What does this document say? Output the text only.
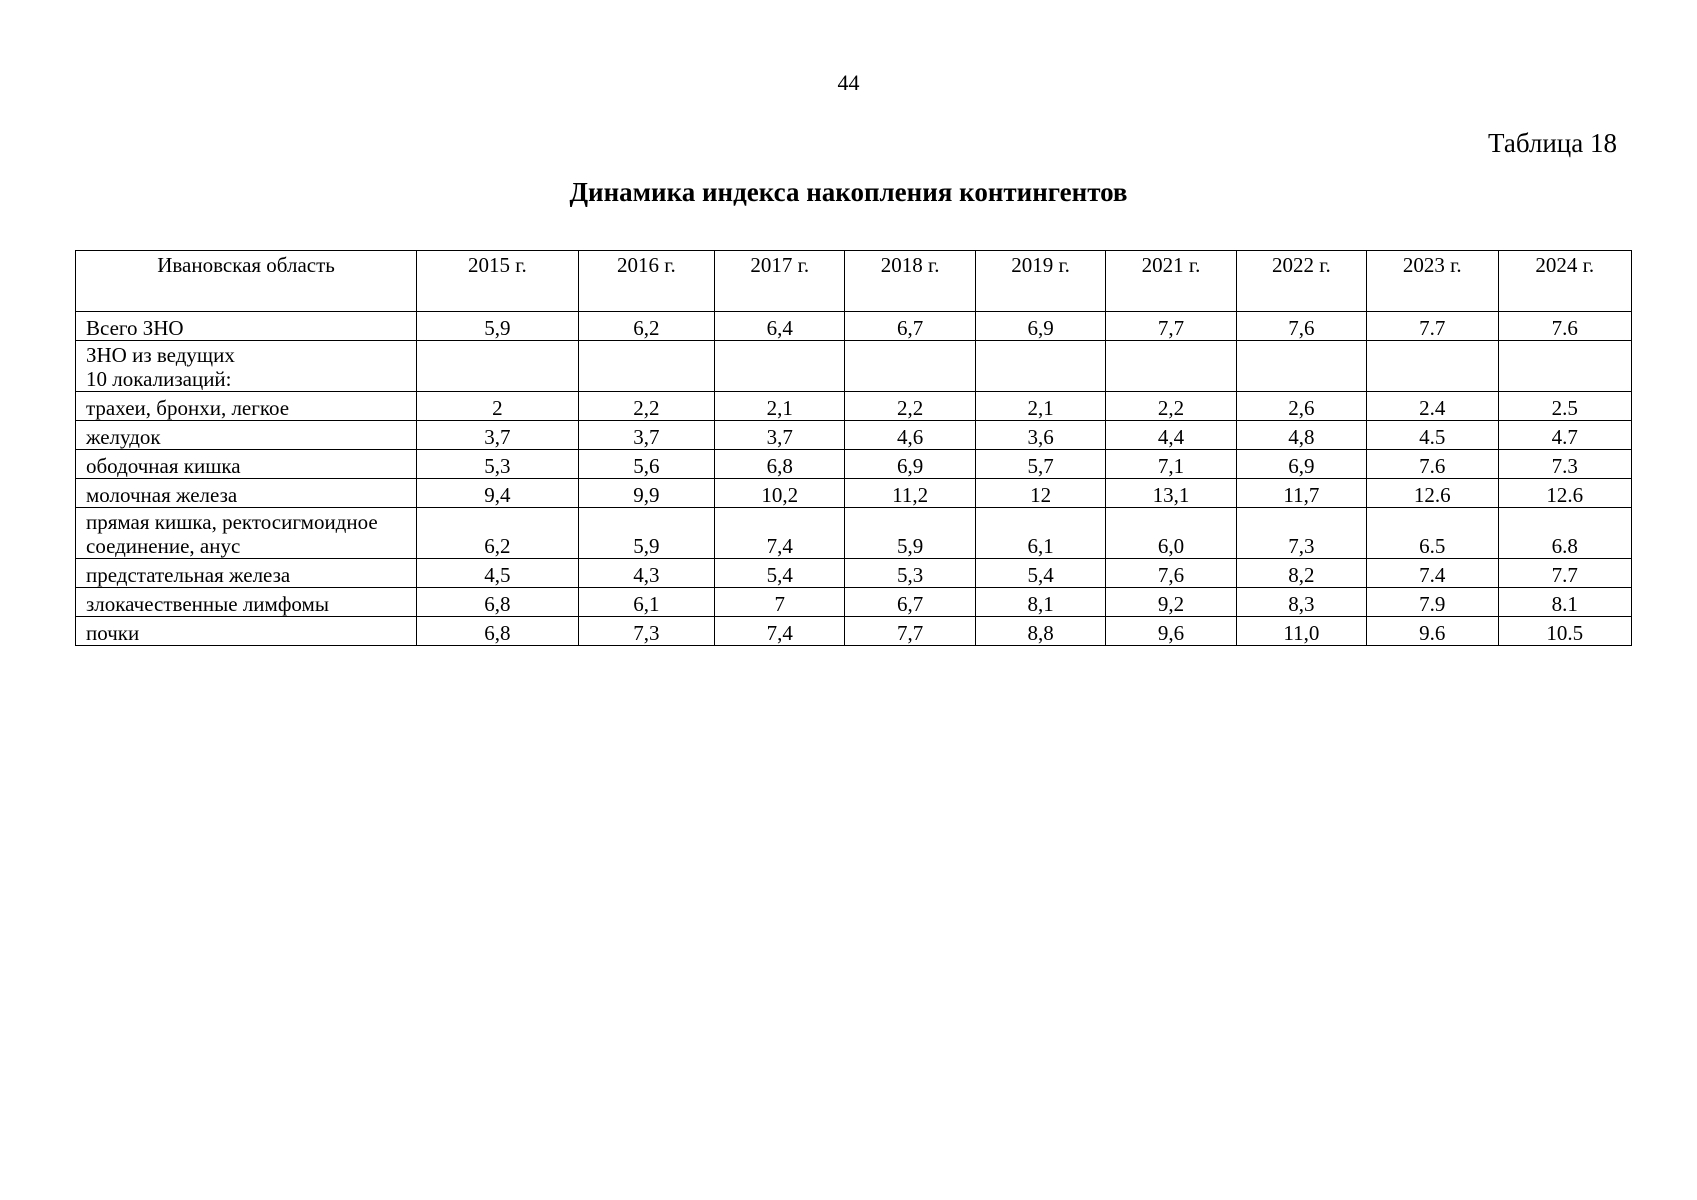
44
Таблица 18
Динамика индекса накопления контингентов
Ивановская область	2015 г.	2016 г.	2017 г.	2018 г.	2019 г.	2021 г.	2022 г.	2023 г.	2024 г.
Всего ЗНО	5,9	6,2	6,4	6,7	6,9	7,7	7,6	7.7	7.6
ЗНО из ведущих
10 локализаций:									
трахеи, бронхи, легкое	2	2,2	2,1	2,2	2,1	2,2	2,6	2.4	2.5
желудок	3,7	3,7	3,7	4,6	3,6	4,4	4,8	4.5	4.7
ободочная кишка	5,3	5,6	6,8	6,9	5,7	7,1	6,9	7.6	7.3
молочная железа	9,4	9,9	10,2	11,2	12	13,1	11,7	12.6	12.6
прямая кишка, ректосигмоидное
соединение, анус	6,2	5,9	7,4	5,9	6,1	6,0	7,3	6.5	6.8
предстательная железа	4,5	4,3	5,4	5,3	5,4	7,6	8,2	7.4	7.7
злокачественные лимфомы	6,8	6,1	7	6,7	8,1	9,2	8,3	7.9	8.1
почки	6,8	7,3	7,4	7,7	8,8	9,6	11,0	9.6	10.5
